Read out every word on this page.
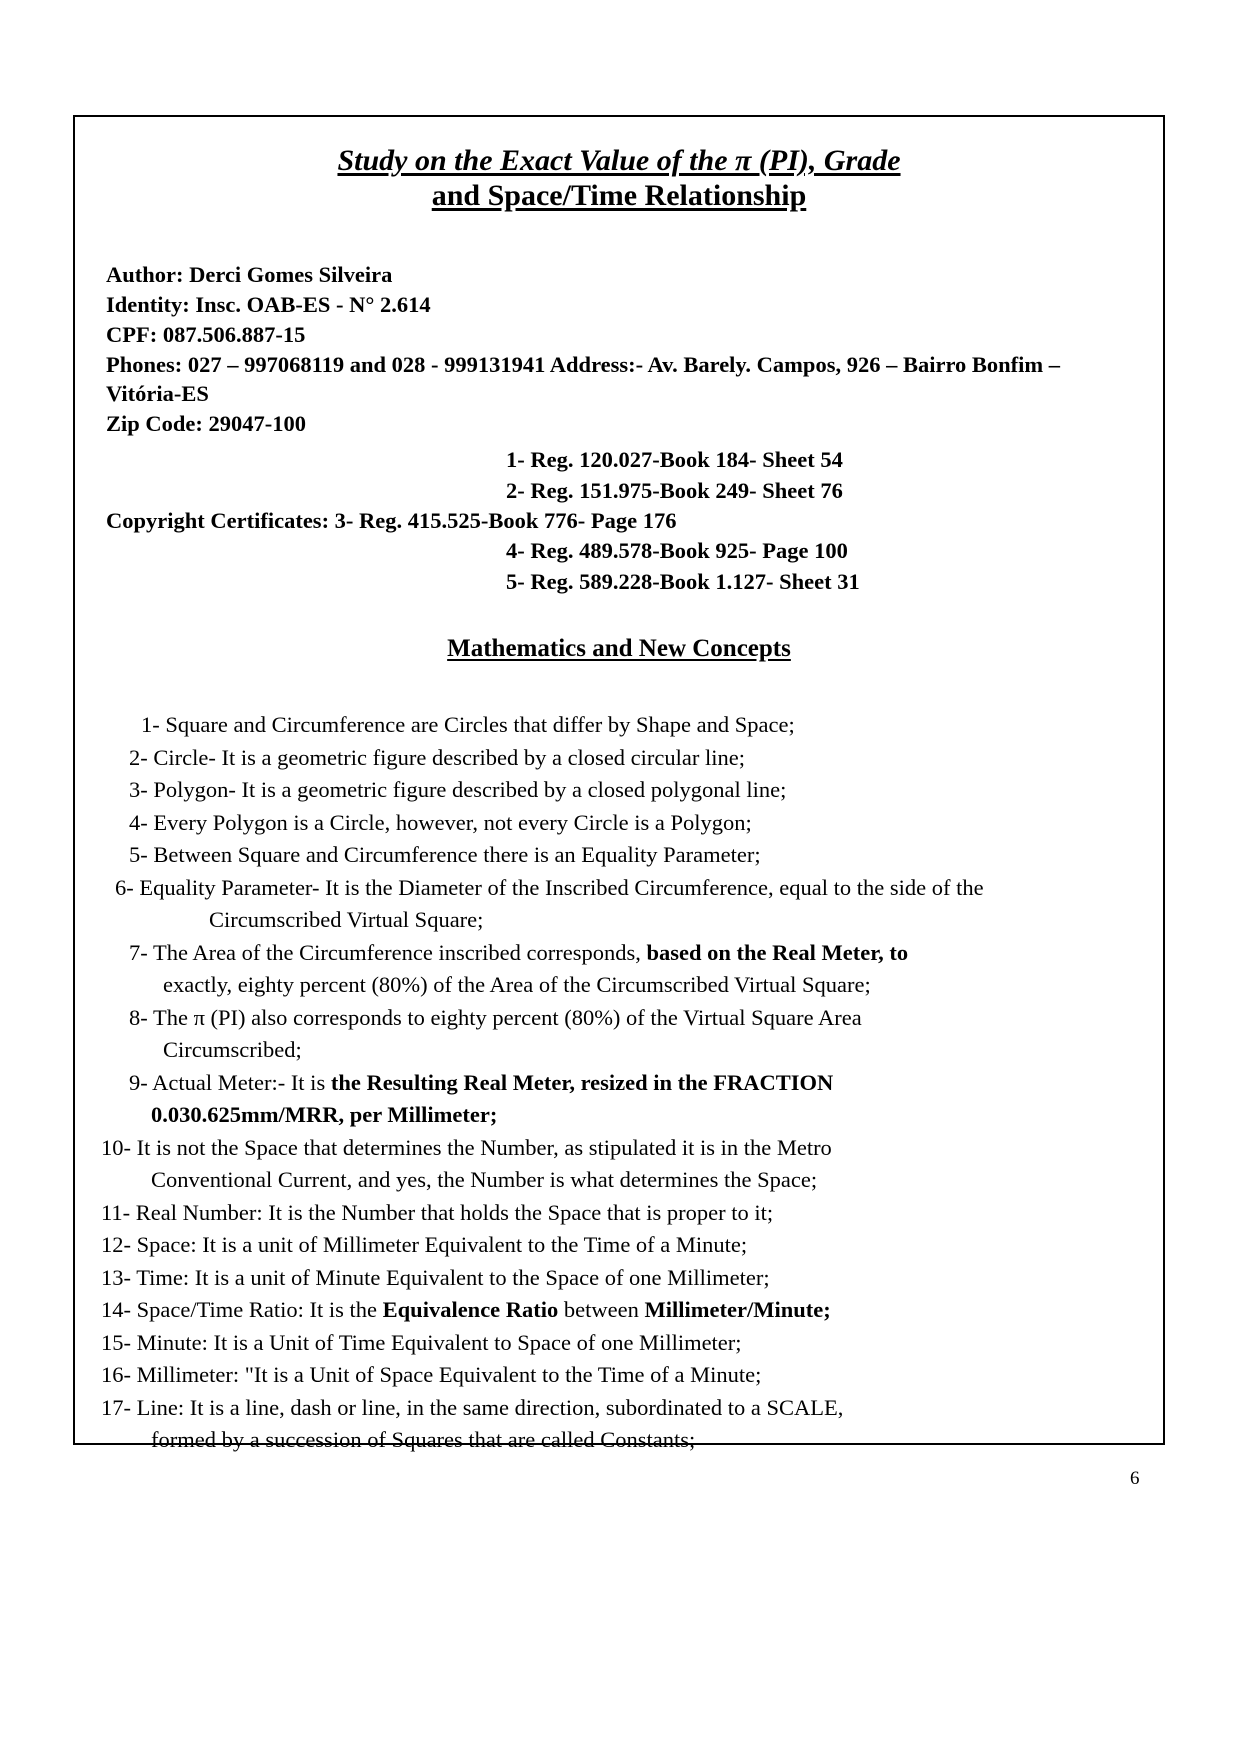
Study on the Exact Value of the π (PI), Grade
and Space/Time Relationship
Author: Derci Gomes Silveira
Identity: Insc. OAB-ES - N° 2.614
CPF: 087.506.887-15
Phones: 027 – 997068119 and 028 - 999131941 Address:- Av. Barely. Campos, 926 – Bairro Bonfim – Vitória-ES
Zip Code: 29047-100
1- Reg. 120.027-Book 184- Sheet 54
2- Reg. 151.975-Book 249- Sheet 76
Copyright Certificates: 3- Reg. 415.525-Book 776- Page 176
4- Reg. 489.578-Book 925- Page 100
5- Reg. 589.228-Book 1.127- Sheet 31
Mathematics and New Concepts
1- Square and Circumference are Circles that differ by Shape and Space;
2- Circle- It is a geometric figure described by a closed circular line;
3- Polygon- It is a geometric figure described by a closed polygonal line;
4- Every Polygon is a Circle, however, not every Circle is a Polygon;
5- Between Square and Circumference there is an Equality Parameter;
6- Equality Parameter- It is the Diameter of the Inscribed Circumference, equal to the side of the
Circumscribed Virtual Square;
7- The Area of the Circumference inscribed corresponds, based on the Real Meter, to
exactly, eighty percent (80%) of the Area of the Circumscribed Virtual Square;
8- The π (PI) also corresponds to eighty percent (80%) of the Virtual Square Area
Circumscribed;
9- Actual Meter:- It is the Resulting Real Meter, resized in the FRACTION
0.030.625mm/MRR, per Millimeter;
10- It is not the Space that determines the Number, as stipulated it is in the Metro
Conventional Current, and yes, the Number is what determines the Space;
11- Real Number: It is the Number that holds the Space that is proper to it;
12- Space: It is a unit of Millimeter Equivalent to the Time of a Minute;
13- Time: It is a unit of Minute Equivalent to the Space of one Millimeter;
14- Space/Time Ratio: It is the Equivalence Ratio between Millimeter/Minute;
15- Minute: It is a Unit of Time Equivalent to Space of one Millimeter;
16- Millimeter: "It is a Unit of Space Equivalent to the Time of a Minute;
17- Line: It is a line, dash or line, in the same direction, subordinated to a SCALE,
formed by a succession of Squares that are called Constants;
6
